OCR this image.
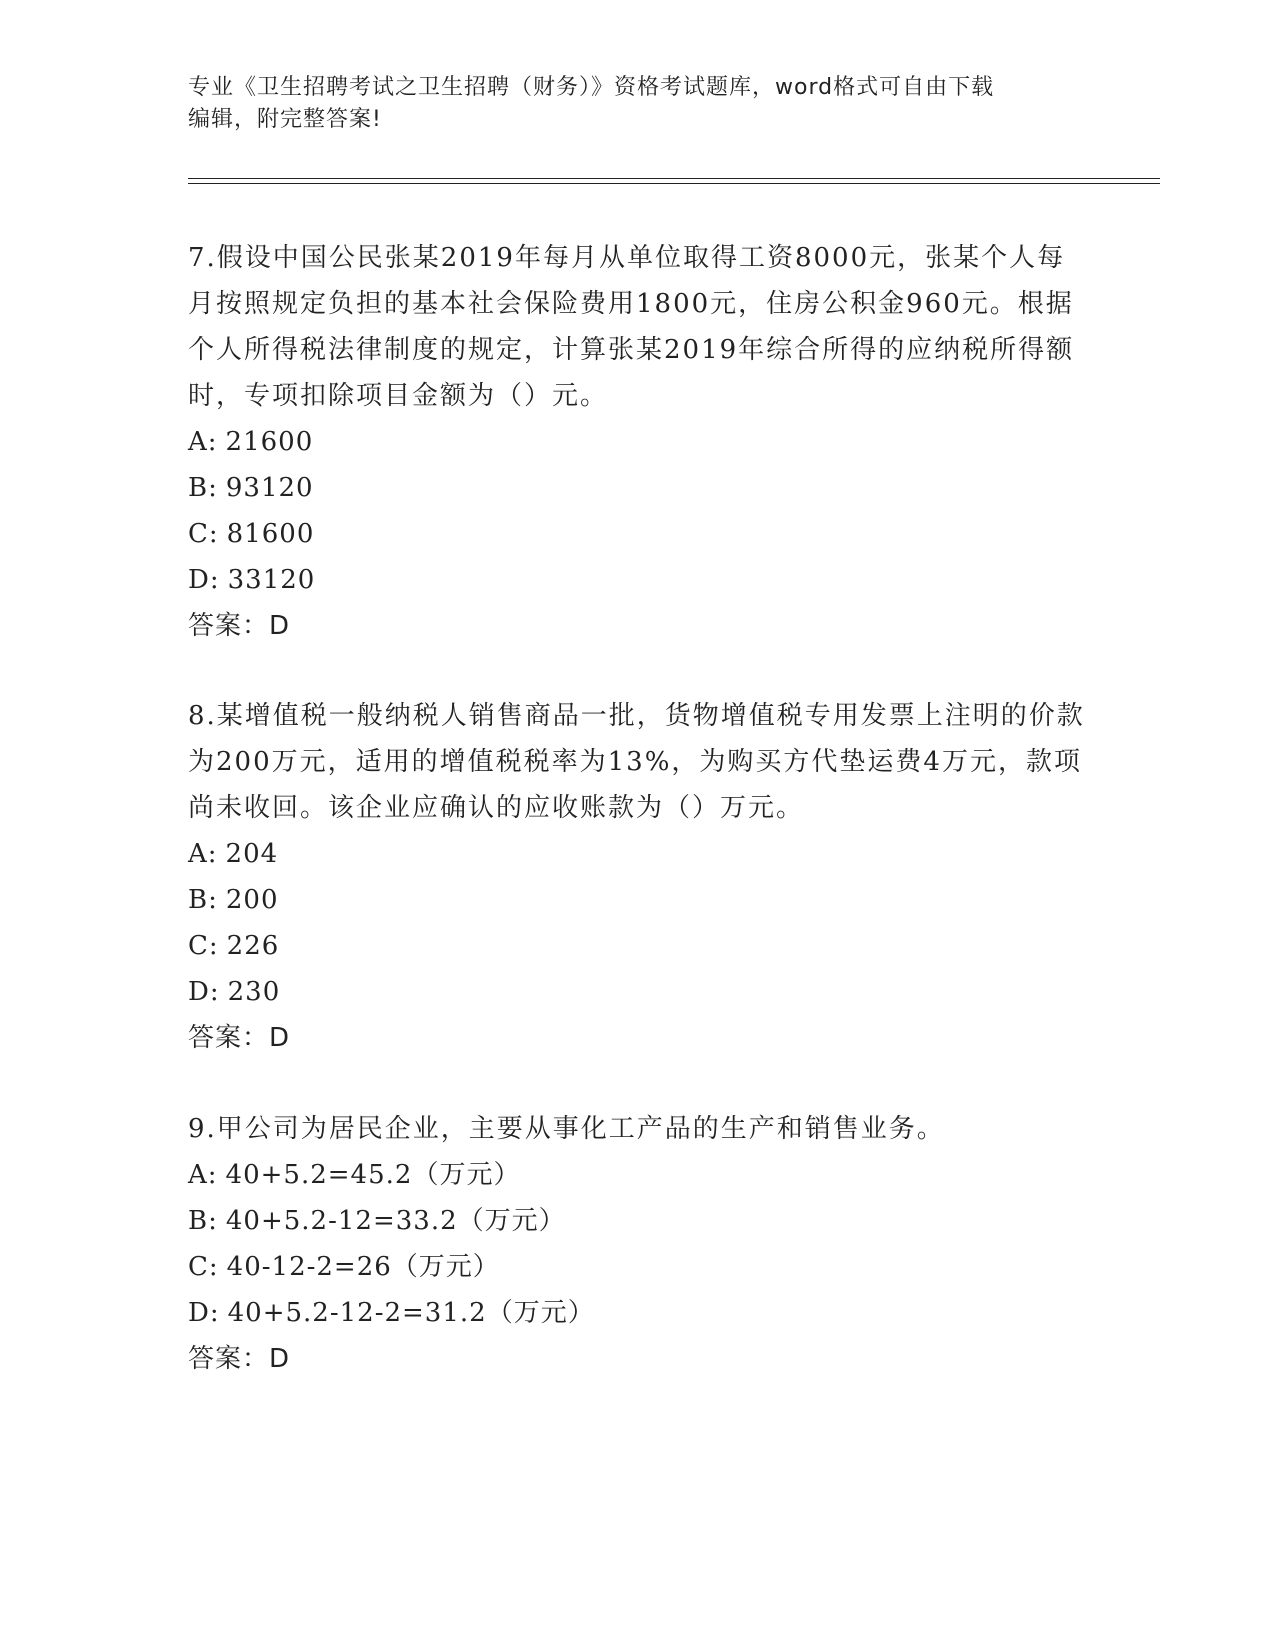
专业《卫生招聘考试之卫生招聘（财务）》资格考试题库，word格式可自由下载
编辑，附完整答案!

7.假设中国公民张某2019年每月从单位取得工资8000元，张某个人每月按照规定负担的基本社会保险费用1800元，住房公积金960元。根据个人所得税法律制度的规定，计算张某2019年综合所得的应纳税所得额时，专项扣除项目金额为（）元。

A: 21600
B: 93120
C: 81600
D: 33120
答案：D

8.某增值税一般纳税人销售商品一批，货物增值税专用发票上注明的价款为200万元，适用的增值税税率为13%，为购买方代垫运费4万元，款项尚未收回。该企业应确认的应收账款为（）万元。

A: 204
B: 200
C: 226
D: 230
答案：D

9.甲公司为居民企业，主要从事化工产品的生产和销售业务。

A: 40+5.2=45.2（万元）
B: 40+5.2-12=33.2（万元）
C: 40-12-2=26（万元）
D: 40+5.2-12-2=31.2（万元）
答案：D
